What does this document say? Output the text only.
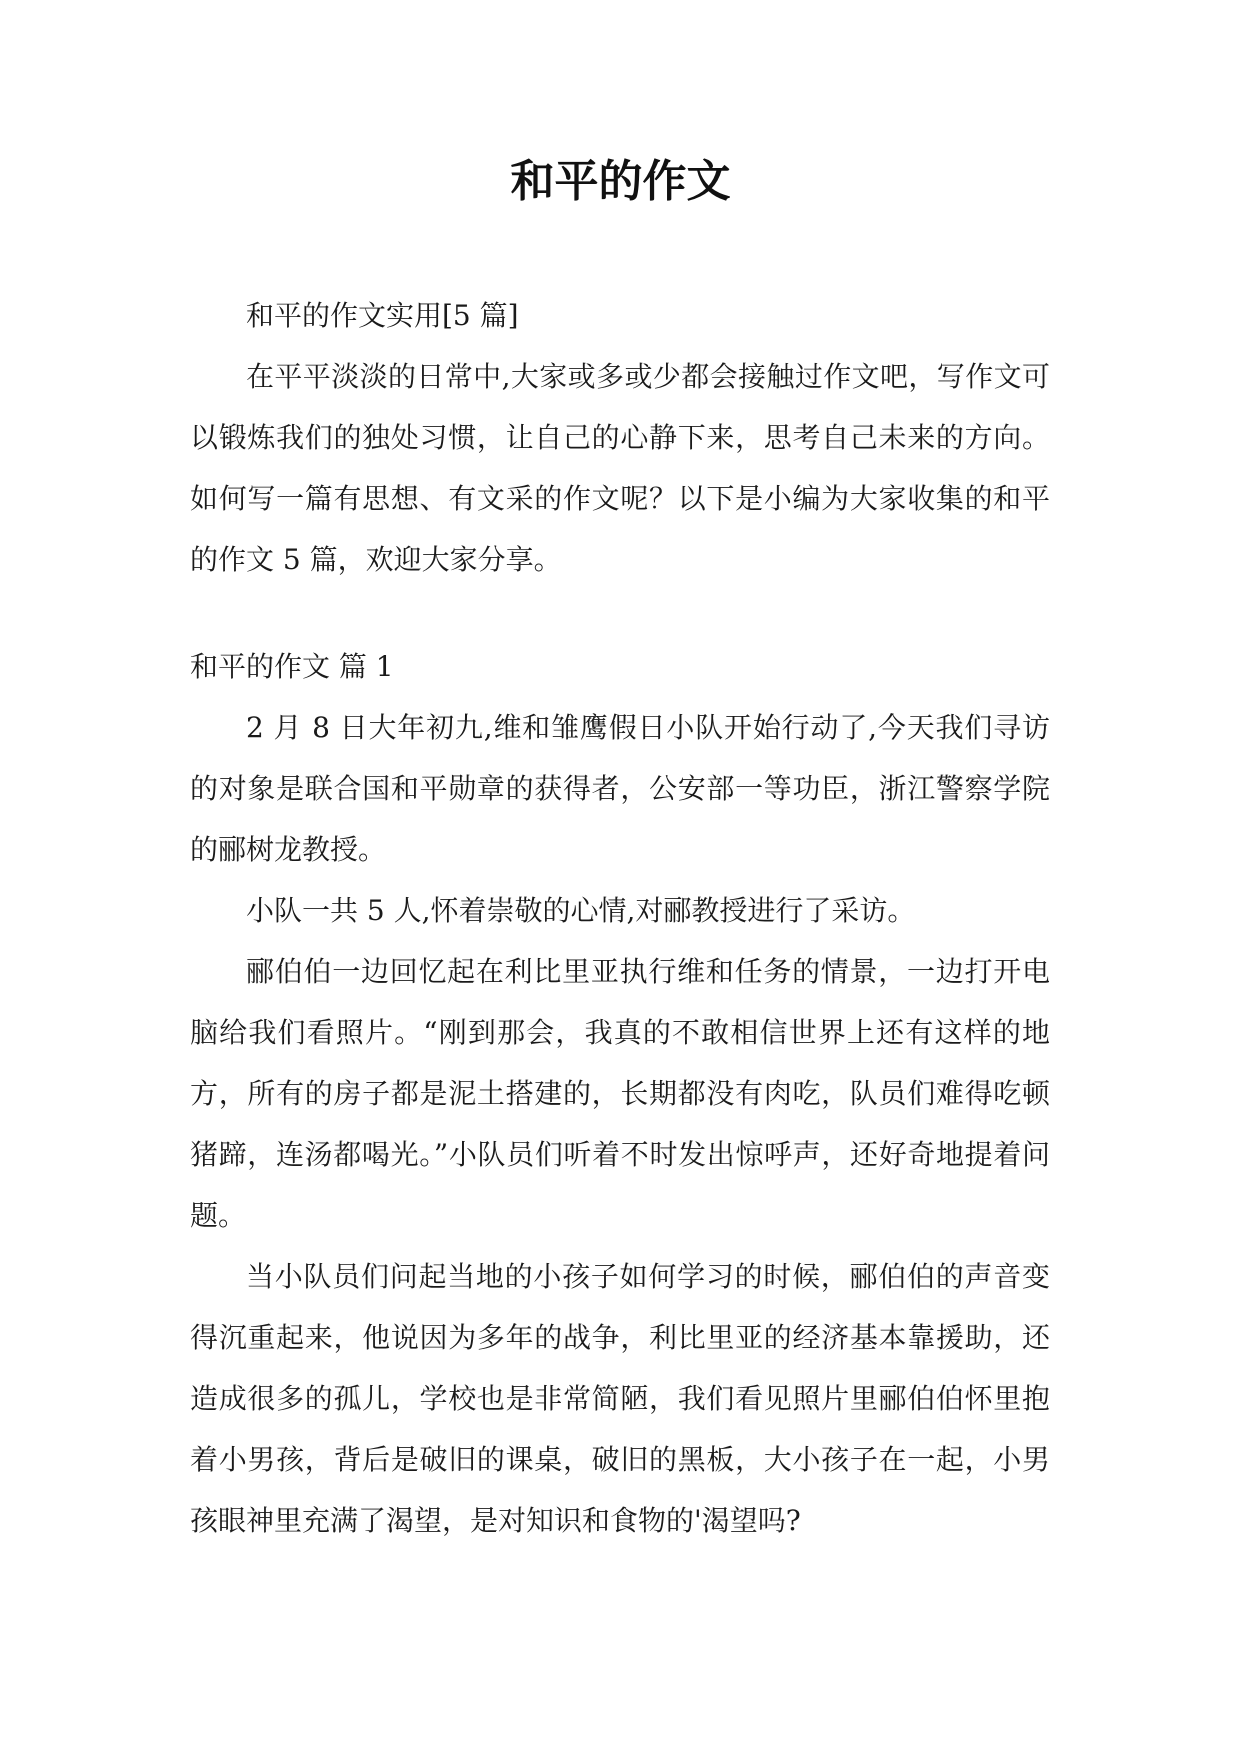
和平的作文

和平的作文实用[5 篇]

在平平淡淡的日常中,大家或多或少都会接触过作文吧，写作文可以锻炼我们的独处习惯，让自己的心静下来，思考自己未来的方向。如何写一篇有思想、有文采的作文呢？以下是小编为大家收集的和平的作文 5 篇，欢迎大家分享。

和平的作文 篇 1

2 月 8 日大年初九,维和雏鹰假日小队开始行动了,今天我们寻访的对象是联合国和平勋章的获得者，公安部一等功臣，浙江警察学院的郦树龙教授。

小队一共 5 人,怀着崇敬的心情,对郦教授进行了采访。

郦伯伯一边回忆起在利比里亚执行维和任务的情景，一边打开电脑给我们看照片。“刚到那会，我真的不敢相信世界上还有这样的地方，所有的房子都是泥土搭建的，长期都没有肉吃，队员们难得吃顿猪蹄，连汤都喝光。”小队员们听着不时发出惊呼声，还好奇地提着问题。

当小队员们问起当地的小孩子如何学习的时候，郦伯伯的声音变得沉重起来，他说因为多年的战争，利比里亚的经济基本靠援助，还造成很多的孤儿，学校也是非常简陋，我们看见照片里郦伯伯怀里抱着小男孩，背后是破旧的课桌，破旧的黑板，大小孩子在一起，小男孩眼神里充满了渴望，是对知识和食物的'渴望吗?
